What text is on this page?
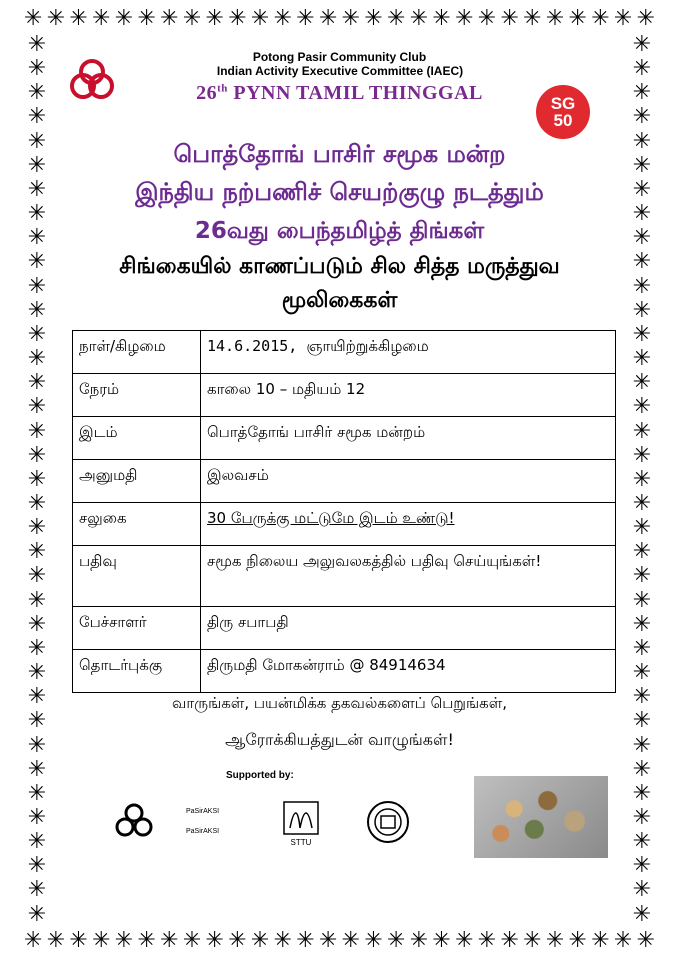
✳ ✳ ✳ ✳ ✳ ✳ ✳ ✳ ✳ ✳ ✳ ✳ ✳ ✳ ✳ ✳ ✳ ✳ ✳ ✳ ✳ ✳ ✳ ✳ ✳ ✳ ✳ ✳
✳ ✳ ✳ ✳ ✳ ✳ ✳ ✳ ✳ ✳ ✳ ✳ ✳ ✳ ✳ ✳ ✳ ✳ ✳ ✳ ✳ ✳ ✳ ✳ ✳ ✳ ✳ ✳
✳
✳
✳
✳
✳
✳
✳
✳
✳
✳
✳
✳
✳
✳
✳
✳
✳
✳
✳
✳
✳
✳
✳
✳
✳
✳
✳
✳
✳
✳
✳
✳
✳
✳
✳
✳
✳
✳
✳
✳
✳
✳
✳
✳
✳
✳
✳
✳
✳
✳
✳
✳
✳
✳
✳
✳
✳
✳
✳
✳
✳
✳
✳
✳
✳
✳
✳
✳
✳
✳
✳
✳
✳
✳
Potong Pasir Community Club
Indian Activity Executive Committee (IAEC)
26th PYNN TAMIL THINGGAL	SG
50
பொத்தோங் பாசிர் சமூக மன்ற
இந்திய நற்பணிச் செயற்குழு நடத்தும்
26வது பைந்தமிழ்த் திங்கள்
சிங்கையில் காணப்படும் சில சித்த மருத்துவ
மூலிகைகள்
நாள்/கிழமை	14.6.2015, ஞாயிற்றுக்கிழமை
நேரம்	காலை 10 – மதியம் 12
இடம்	பொத்தோங் பாசிர் சமூக மன்றம்
அனுமதி	இலவசம்
சலுகை	30 பேருக்கு மட்டுமே இடம் உண்டு!
பதிவு	சமூக நிலைய அலுவலகத்தில் பதிவு செய்யுங்கள்!
பேச்சாளர்	திரு சபாபதி
தொடர்புக்கு	திருமதி மோகன்ராம் @ 84914634
வாருங்கள், பயன்மிக்க தகவல்களைப் பெறுங்கள்,
ஆரோக்கியத்துடன் வாழுங்கள்!
Supported by:
PaSirAKSI
PaSirAKSI
STTU
